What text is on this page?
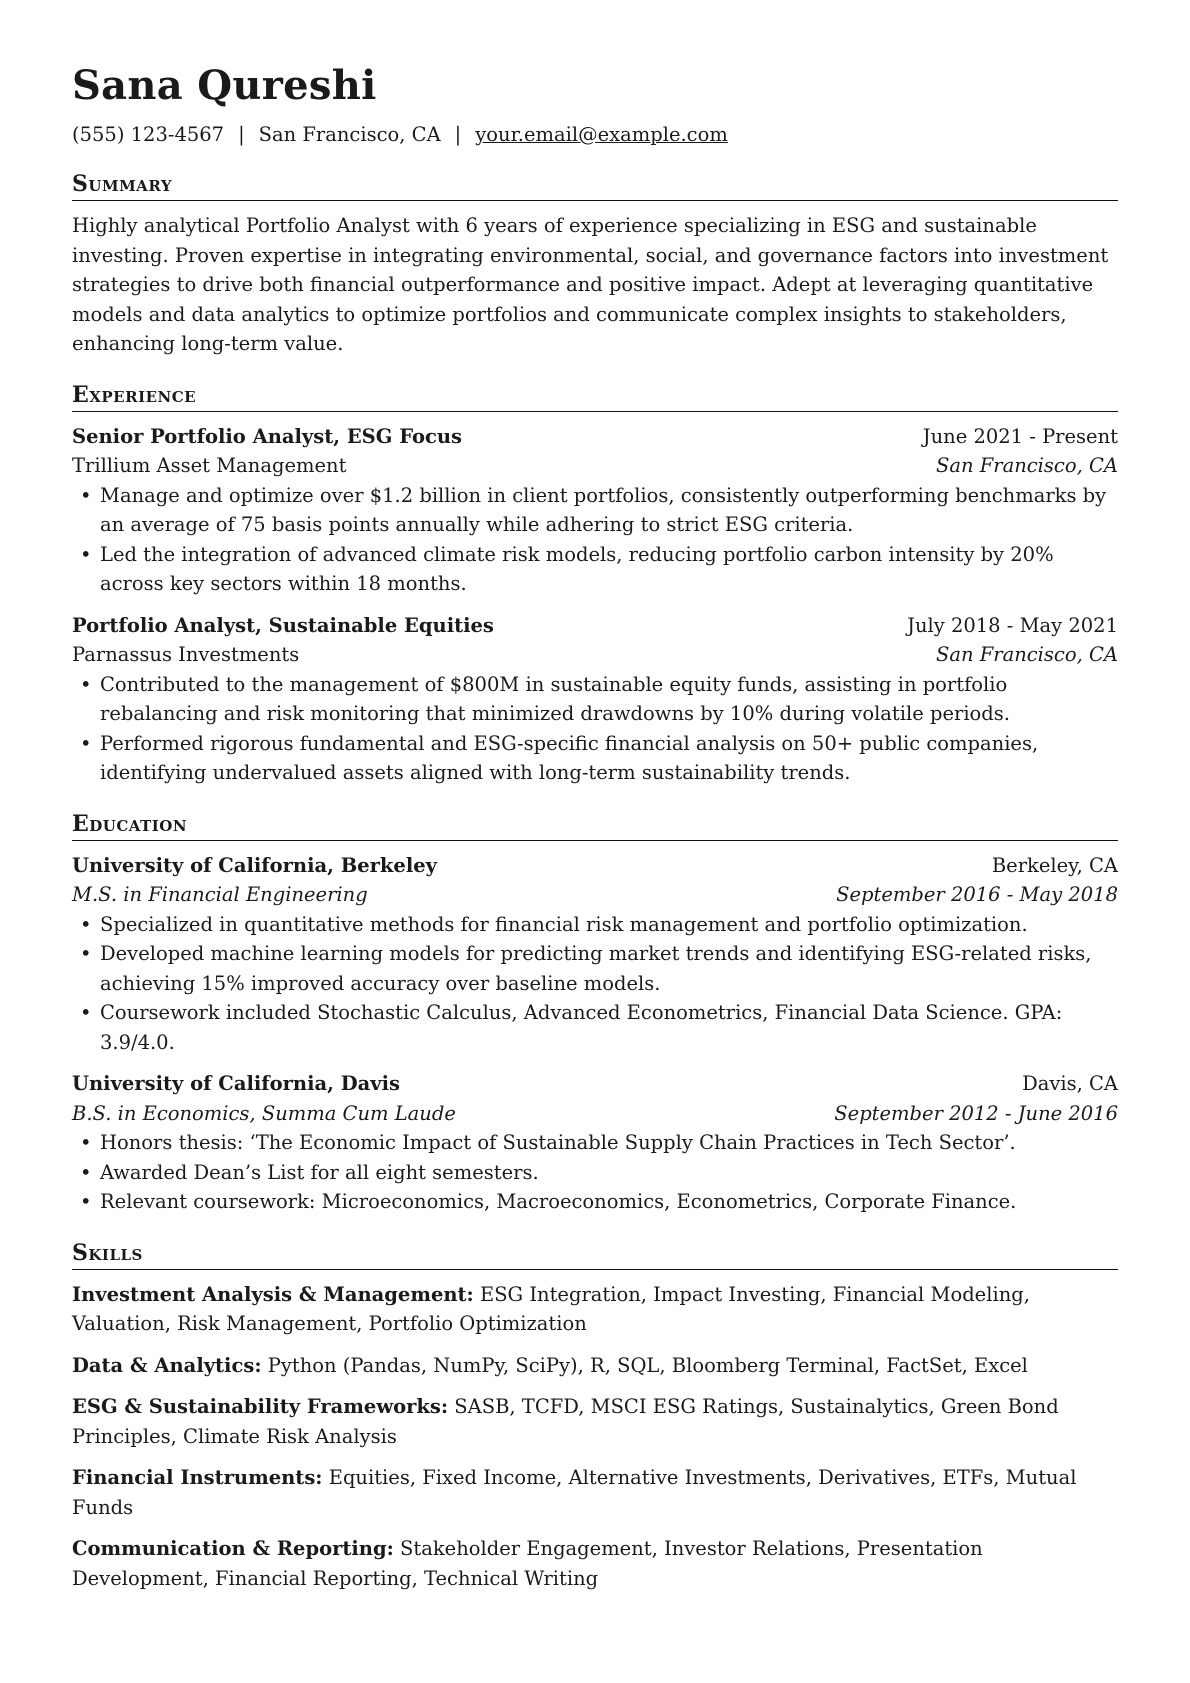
Sana Qureshi
(555) 123-4567 | San Francisco, CA | your.email@example.com
Summary

Highly analytical Portfolio Analyst with 6 years of experience specializing in ESG and sustainable investing. Proven expertise in integrating environmental, social, and governance factors into investment strategies to drive both financial outperformance and positive impact. Adept at leveraging quantitative models and data analytics to optimize portfolios and communicate complex insights to stakeholders, enhancing long-term value.

Experience
Senior Portfolio Analyst, ESG Focus	June 2021 - Present
Trillium Asset Management	San Francisco, CA
• Manage and optimize over $1.2 billion in client portfolios, consistently outperforming benchmarks by an average of 75 basis points annually while adhering to strict ESG criteria.
• Led the integration of advanced climate risk models, reducing portfolio carbon intensity by 20% across key sectors within 18 months.
Portfolio Analyst, Sustainable Equities	July 2018 - May 2021
Parnassus Investments	San Francisco, CA
• Contributed to the management of $800M in sustainable equity funds, assisting in portfolio rebalancing and risk monitoring that minimized drawdowns by 10% during volatile periods.
• Performed rigorous fundamental and ESG-specific financial analysis on 50+ public companies, identifying undervalued assets aligned with long-term sustainability trends.
Education
University of California, Berkeley	Berkeley, CA
M.S. in Financial Engineering	September 2016 - May 2018
• Specialized in quantitative methods for financial risk management and portfolio optimization.
• Developed machine learning models for predicting market trends and identifying ESG-related risks, achieving 15% improved accuracy over baseline models.
• Coursework included Stochastic Calculus, Advanced Econometrics, Financial Data Science. GPA: 3.9/4.0.
University of California, Davis	Davis, CA
B.S. in Economics, Summa Cum Laude	September 2012 - June 2016
• Honors thesis: ‘The Economic Impact of Sustainable Supply Chain Practices in Tech Sector’.
• Awarded Dean’s List for all eight semesters.
• Relevant coursework: Microeconomics, Macroeconomics, Econometrics, Corporate Finance.
Skills
Investment Analysis & Management: ESG Integration, Impact Investing, Financial Modeling, Valuation, Risk Management, Portfolio Optimization
Data & Analytics: Python (Pandas, NumPy, SciPy), R, SQL, Bloomberg Terminal, FactSet, Excel
ESG & Sustainability Frameworks: SASB, TCFD, MSCI ESG Ratings, Sustainalytics, Green Bond Principles, Climate Risk Analysis
Financial Instruments: Equities, Fixed Income, Alternative Investments, Derivatives, ETFs, Mutual Funds
Communication & Reporting: Stakeholder Engagement, Investor Relations, Presentation Development, Financial Reporting, Technical Writing
